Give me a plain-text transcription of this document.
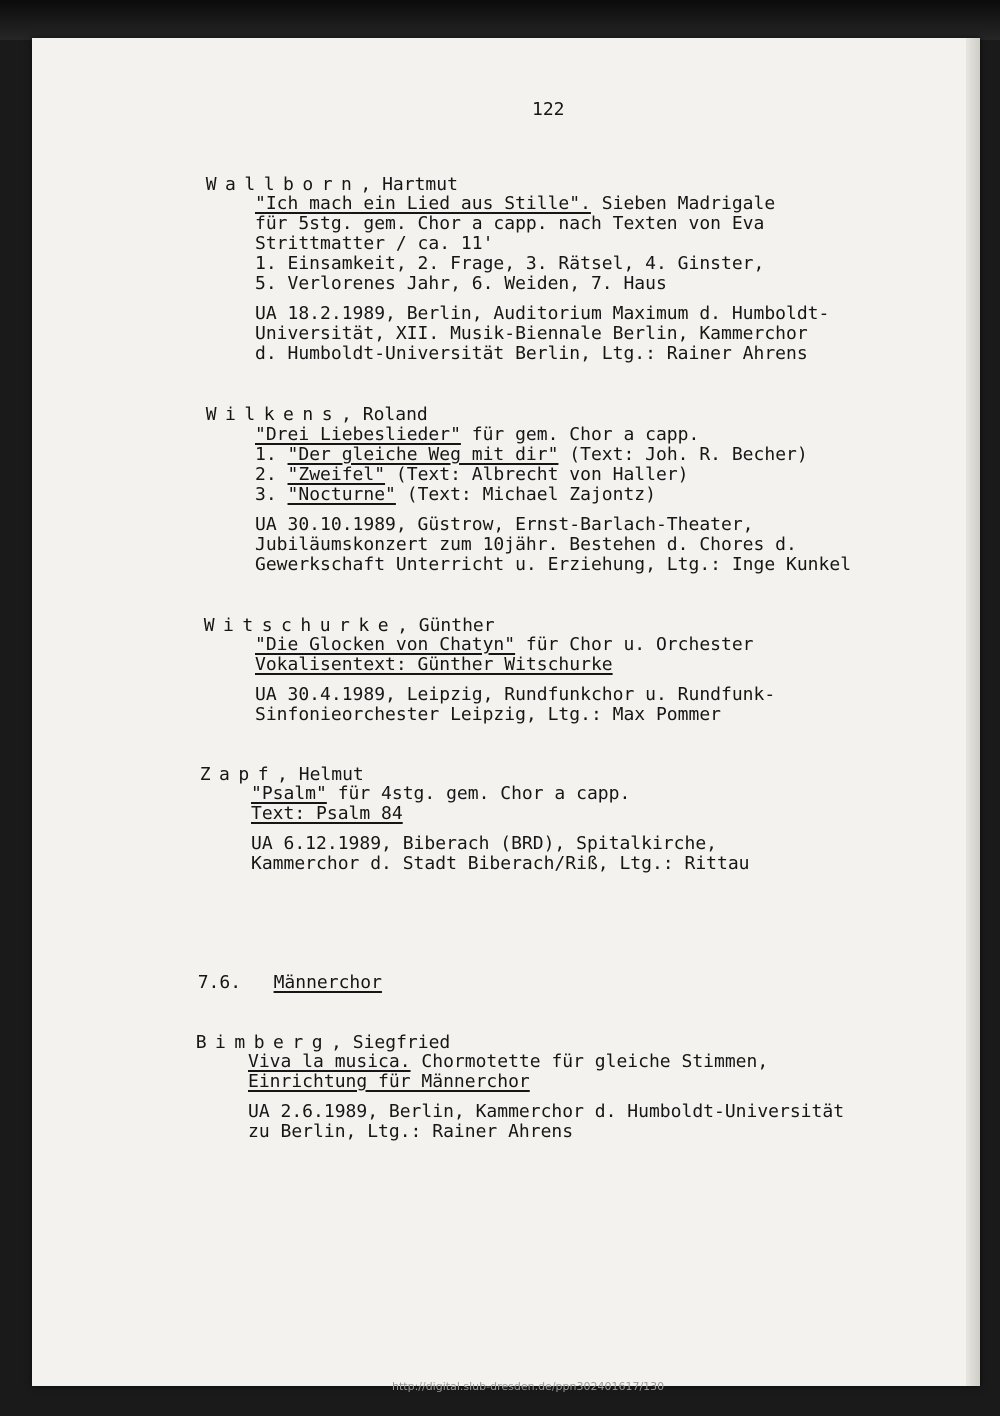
122

Wallborn, Hartmut

"Ich mach ein Lied aus Stille". Sieben Madrigale
für 5stg. gem. Chor a capp. nach Texten von Eva
Strittmatter / ca. 11'
1. Einsamkeit, 2. Frage, 3. Rätsel, 4. Ginster,
5. Verlorenes Jahr, 6. Weiden, 7. Haus
UA 18.2.1989, Berlin, Auditorium Maximum d. Humboldt-
Universität, XII. Musik-Biennale Berlin, Kammerchor
d. Humboldt-Universität Berlin, Ltg.: Rainer Ahrens

Wilkens, Roland

"Drei Liebeslieder" für gem. Chor a capp.
1. "Der gleiche Weg mit dir" (Text: Joh. R. Becher)
2. "Zweifel" (Text: Albrecht von Haller)
3. "Nocturne" (Text: Michael Zajontz)
UA 30.10.1989, Güstrow, Ernst-Barlach-Theater,
Jubiläumskonzert zum 10jähr. Bestehen d. Chores d.
Gewerkschaft Unterricht u. Erziehung, Ltg.: Inge Kunkel

Witschurke, Günther

"Die Glocken von Chatyn" für Chor u. Orchester
Vokalisentext: Günther Witschurke
UA 30.4.1989, Leipzig, Rundfunkchor u. Rundfunk-
Sinfonieorchester Leipzig, Ltg.: Max Pommer

Zapf, Helmut

"Psalm" für 4stg. gem. Chor a capp.
Text: Psalm 84
UA 6.12.1989, Biberach (BRD), Spitalkirche,
Kammerchor d. Stadt Biberach/Riß, Ltg.: Rittau

7.6. Männerchor

Bimberg, Siegfried

Viva la musica. Chormotette für gleiche Stimmen,
Einrichtung für Männerchor
UA 2.6.1989, Berlin, Kammerchor d. Humboldt-Universität
zu Berlin, Ltg.: Rainer Ahrens
http://digital.slub-dresden.de/ppn302401617/130
